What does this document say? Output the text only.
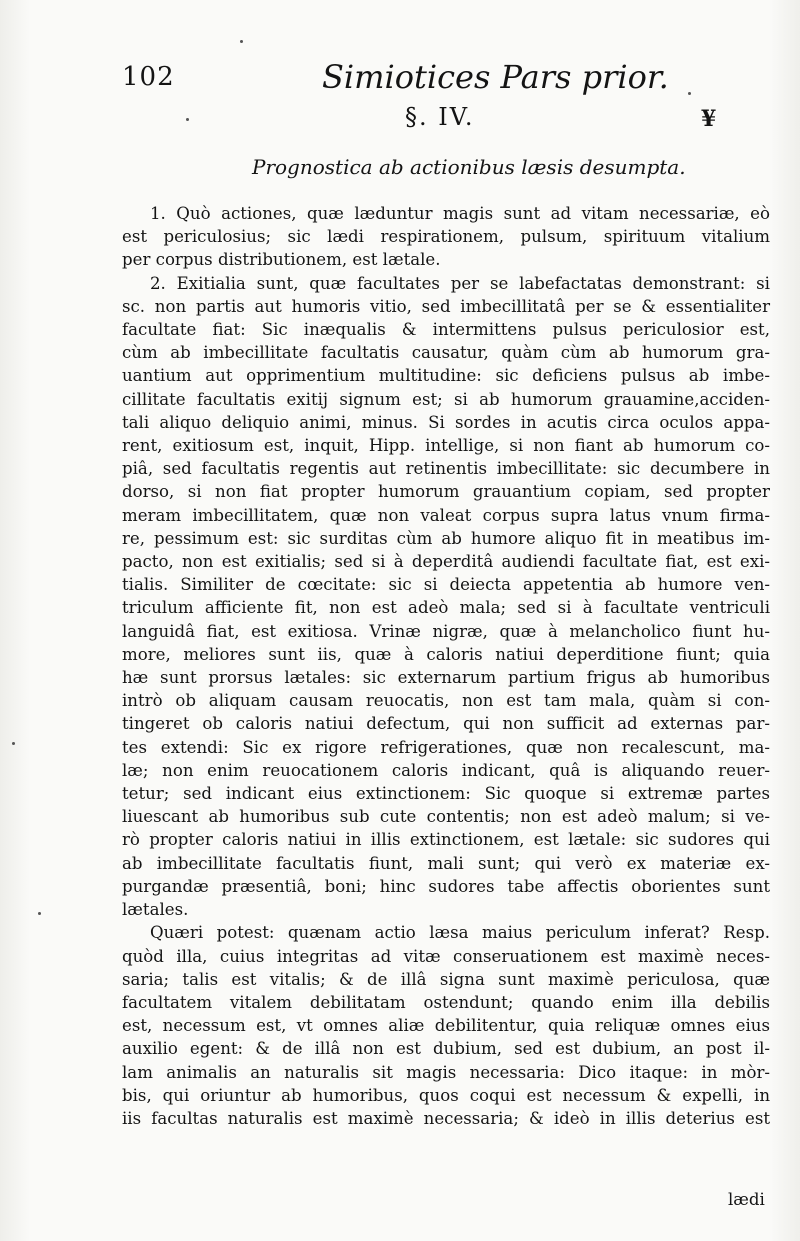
102	Simiotices Pars prior.
§. IV.	¥
Prognostica ab actionibus læsis desumpta.
1. Quò actiones, quæ læduntur magis sunt ad vitam necessariæ, eò
est periculosius; sic lædi respirationem, pulsum, spirituum vitalium
per corpus distributionem, est lætale.
2. Exitialia sunt, quæ facultates per se labefactatas demonstrant: si
sc. non partis aut humoris vitio, sed imbecillitatâ per se & essentialiter
facultate fiat: Sic inæqualis & intermittens pulsus periculosior est,
cùm ab imbecillitate facultatis causatur, quàm cùm ab humorum gra-
uantium aut opprimentium multitudine: sic deficiens pulsus ab imbe-
cillitate facultatis exitij signum est; si ab humorum grauamine,acciden-
tali aliquo deliquio animi, minus. Si sordes in acutis circa oculos appa-
rent, exitiosum est, inquit, Hipp. intellige, si non fiant ab humorum co-
piâ, sed facultatis regentis aut retinentis imbecillitate: sic decumbere in
dorso, si non fiat propter humorum grauantium copiam, sed propter
meram imbecillitatem, quæ non valeat corpus supra latus vnum firma-
re, pessimum est: sic surditas cùm ab humore aliquo fit in meatibus im-
pacto, non est exitialis; sed si à deperditâ audiendi facultate fiat, est exi-
tialis. Similiter de cœcitate: sic si deiecta appetentia ab humore ven-
triculum afficiente fit, non est adeò mala; sed si à facultate ventriculi
languidâ fiat, est exitiosa. Vrinæ nigræ, quæ à melancholico fiunt hu-
more, meliores sunt iis, quæ à caloris natiui deperditione fiunt; quia
hæ sunt prorsus lætales: sic externarum partium frigus ab humoribus
intrò ob aliquam causam reuocatis, non est tam mala, quàm si con-
tingeret ob caloris natiui defectum, qui non sufficit ad externas par-
tes extendi: Sic ex rigore refrigerationes, quæ non recalescunt, ma-
læ; non enim reuocationem caloris indicant, quâ is aliquando reuer-
tetur; sed indicant eius extinctionem: Sic quoque si extremæ partes
liuescant ab humoribus sub cute contentis; non est adeò malum; si ve-
rò propter caloris natiui in illis extinctionem, est lætale: sic sudores qui
ab imbecillitate facultatis fiunt, mali sunt; qui verò ex materiæ ex-
purgandæ præsentiâ, boni; hinc sudores tabe affectis oborientes sunt
lætales.
Quæri potest: quænam actio læsa maius periculum inferat? Resp.
quòd illa, cuius integritas ad vitæ conseruationem est maximè neces-
saria; talis est vitalis; & de illâ signa sunt maximè periculosa, quæ
facultatem vitalem debilitatam ostendunt; quando enim illa debilis
est, necessum est, vt omnes aliæ debilitentur, quia reliquæ omnes eius
auxilio egent: & de illâ non est dubium, sed est dubium, an post il-
lam animalis an naturalis sit magis necessaria: Dico itaque: in mòr-
bis, qui oriuntur ab humoribus, quos coqui est necessum & expelli, in
iis facultas naturalis est maximè necessaria; & ideò in illis deterius est
lædi
